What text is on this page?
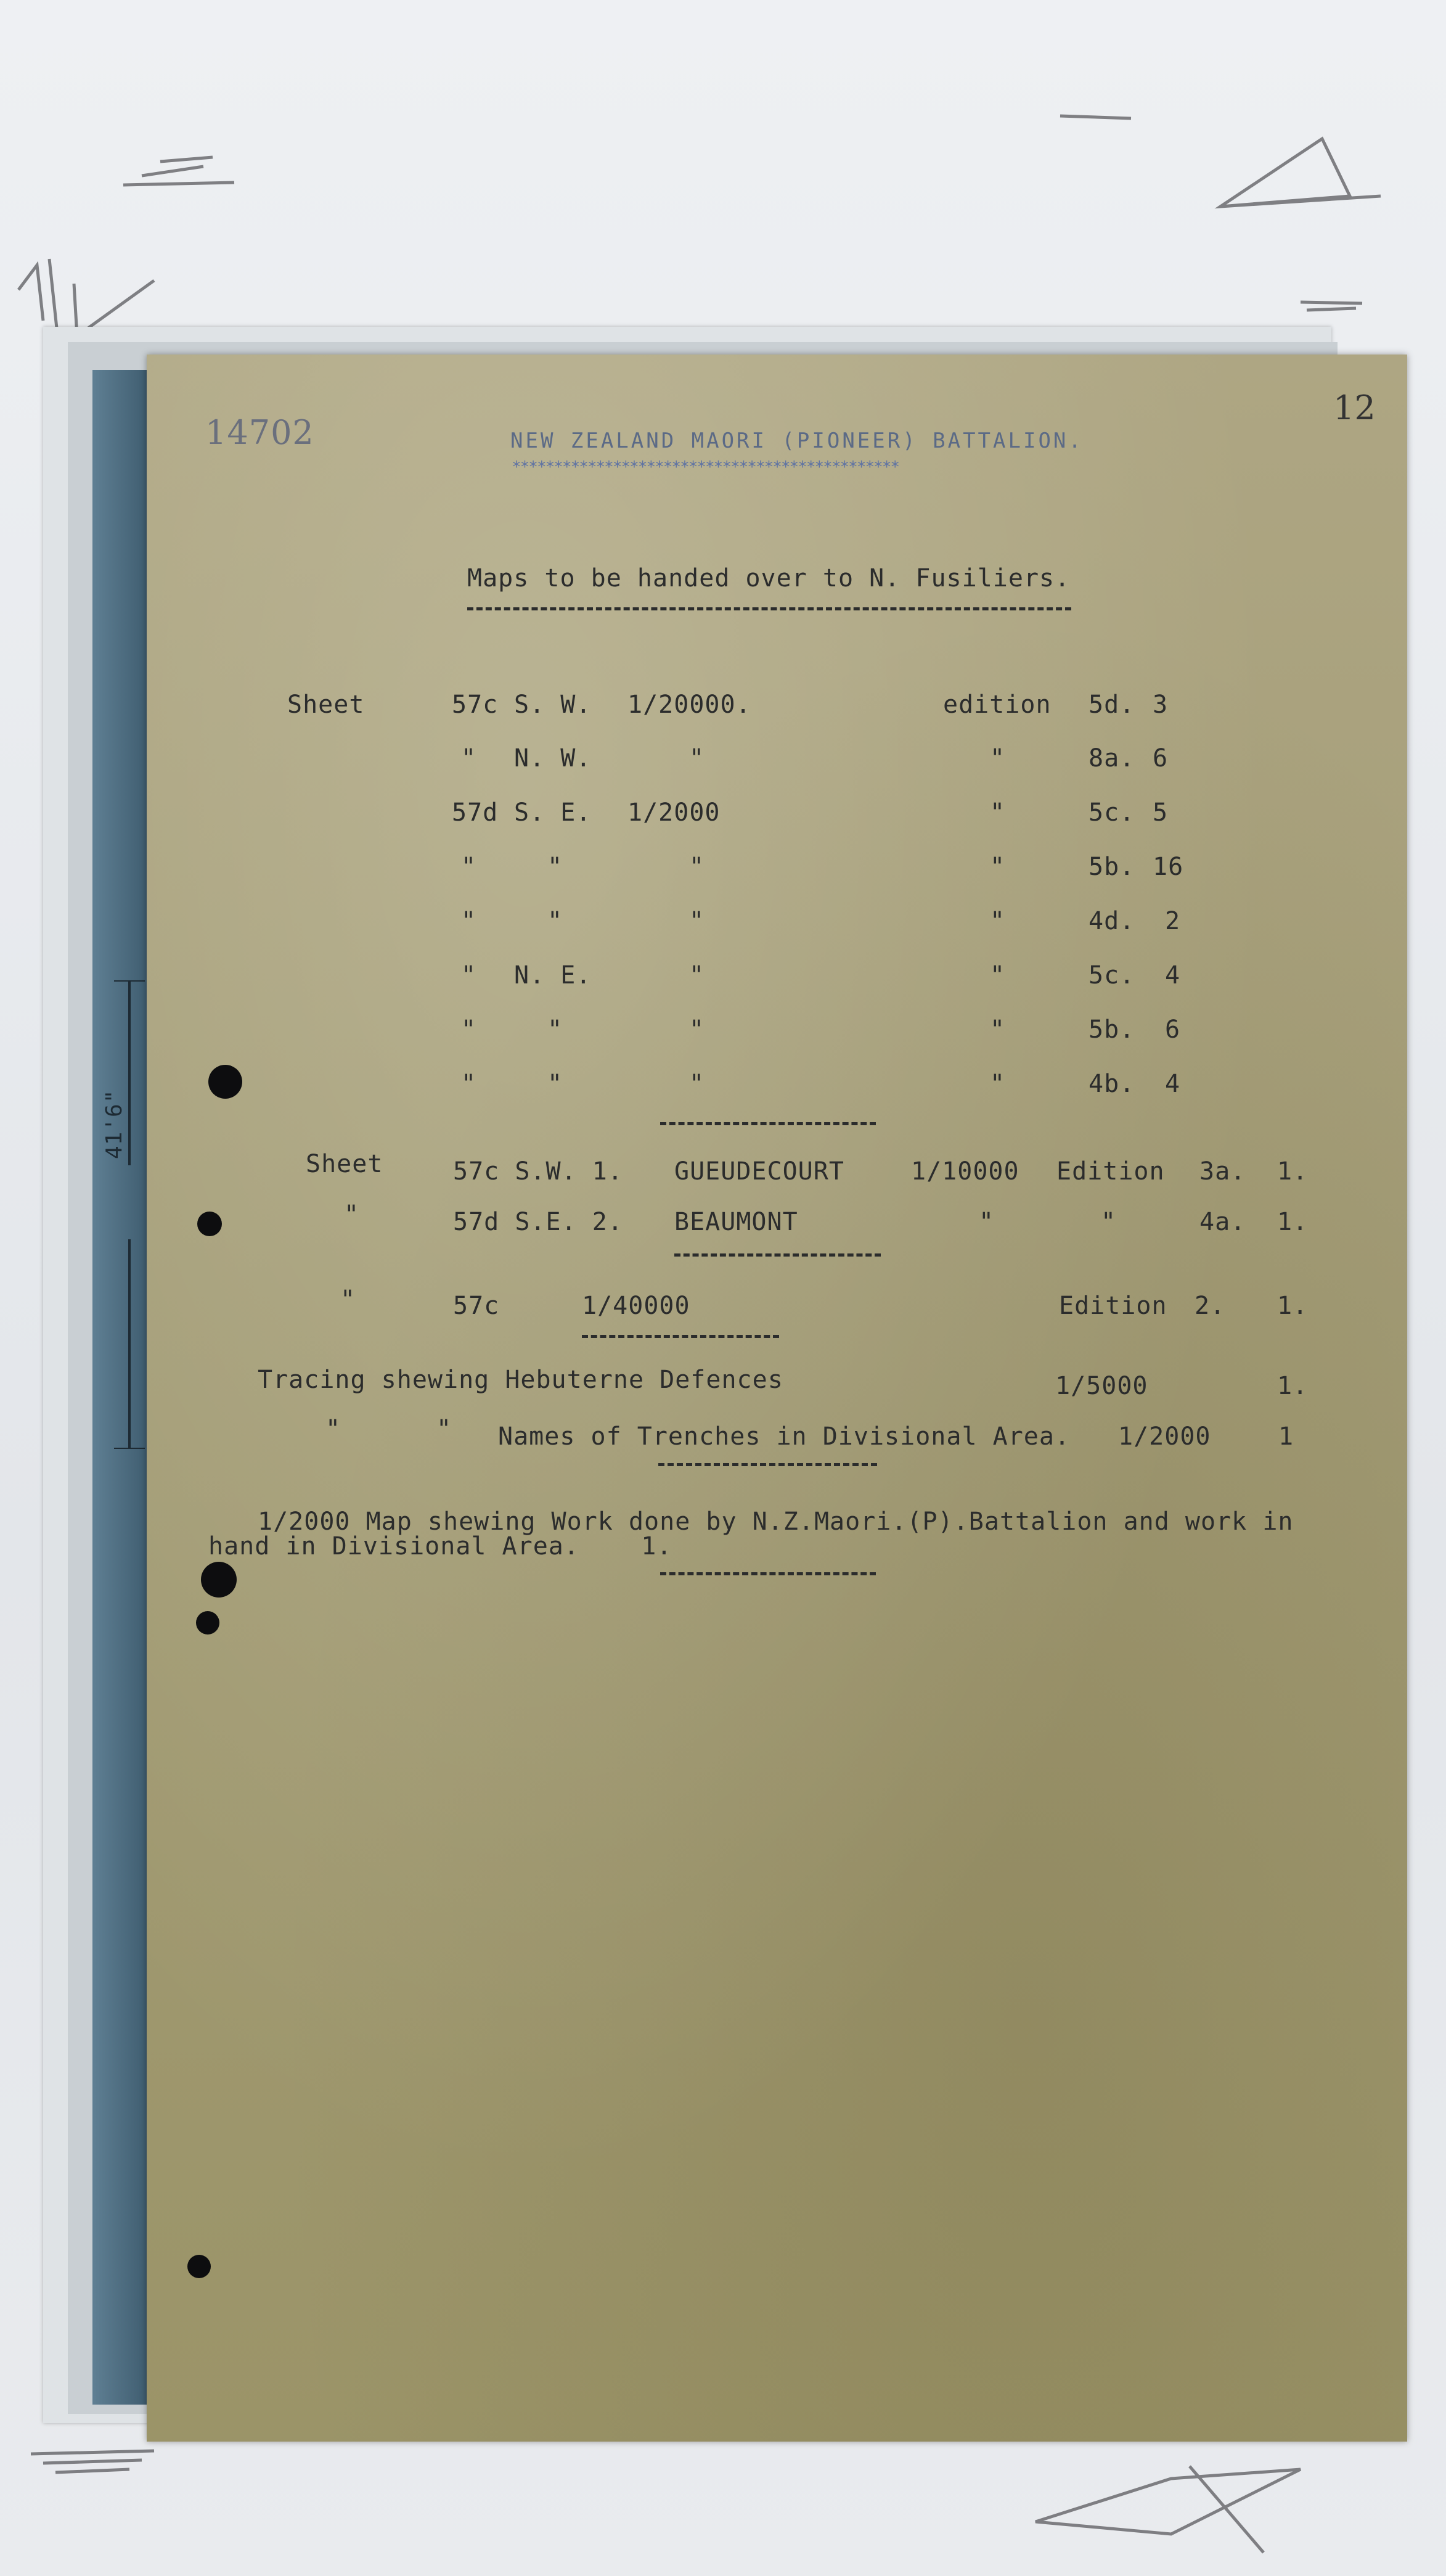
41'6"
14702
12
NEW ZEALAND MAORI (PIONEER) BATTALION.
**********************************************
Maps to be handed over to N. Fusiliers.
Sheet	57c S. W. 1/20000.	edition 5d. 3
" N. W.	"	"	8a. 6
57d S. E. 1/2000	"	5c. 5
"	"	"	"	5b. 16
"	"	"	"	4d. 2
" N. E.	"	"	5c. 4
"	"	"	"	5b. 6
"	"	"	"	4b. 4
Sheet	57c S.W. 1. GUEUDECOURT	1/10000 Edition 3a. 1.
"	57d S.E. 2. BEAUMONT	"	"	4a. 1.
"	57c	1/40000	Edition 2. 1.
Tracing shewing Hebuterne Defences	1/5000	1.
"	" Names of Trenches in Divisional Area. 1/2000	1
1/2000 Map shewing Work done by N.Z.Maori.(P).Battalion and work in
hand in Divisional Area.    1.
